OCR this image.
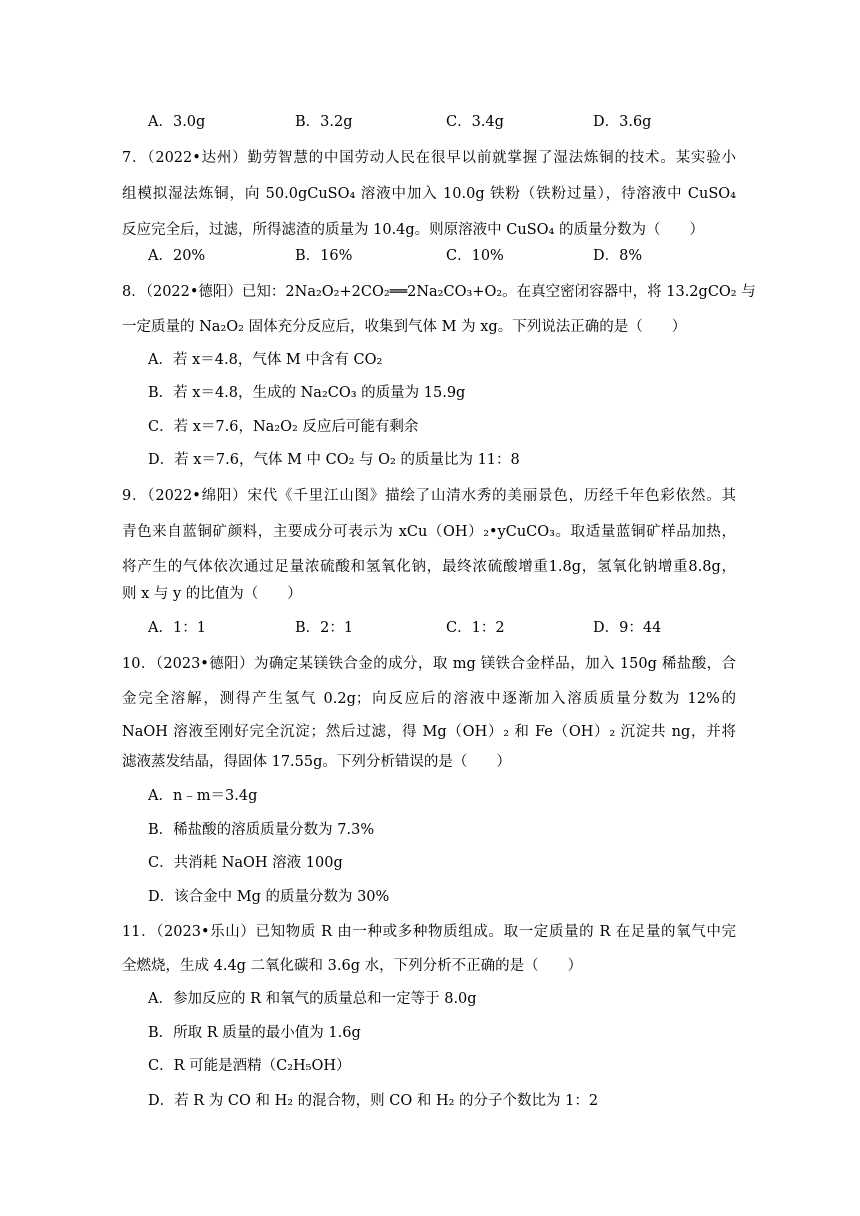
A．3.0g	B．3.2g	C．3.4g	D．3.6g
7．（2022•达州）勤劳智慧的中国劳动人民在很早以前就掌握了湿法炼铜的技术。某实验小
组模拟湿法炼铜，向 50.0gCuSO₄ 溶液中加入 10.0g 铁粉（铁粉过量），待溶液中 CuSO₄
反应完全后，过滤，所得滤渣的质量为 10.4g。则原溶液中 CuSO₄ 的质量分数为（　　）
A．20%	B．16%	C．10%	D．8%
8．（2022•德阳）已知：2Na₂O₂+2CO₂══2Na₂CO₃+O₂。在真空密闭容器中，将 13.2gCO₂ 与
一定质量的 Na₂O₂ 固体充分反应后，收集到气体 M 为 xg。下列说法正确的是（　　）
A．若 x＝4.8，气体 M 中含有 CO₂
B．若 x＝4.8，生成的 Na₂CO₃ 的质量为 15.9g
C．若 x＝7.6，Na₂O₂ 反应后可能有剩余
D．若 x＝7.6，气体 M 中 CO₂ 与 O₂ 的质量比为 11：8
9．（2022•绵阳）宋代《千里江山图》描绘了山清水秀的美丽景色，历经千年色彩依然。其
青色来自蓝铜矿颜料，主要成分可表示为 xCu（OH）₂•yCuCO₃。取适量蓝铜矿样品加热，
将产生的气体依次通过足量浓硫酸和氢氧化钠，最终浓硫酸增重1.8g，氢氧化钠增重8.8g，
则 x 与 y 的比值为（　　）
A．1：1	B．2：1	C．1：2	D．9：44
10．（2023•德阳）为确定某镁铁合金的成分，取 mg 镁铁合金样品，加入 150g 稀盐酸，合
金完全溶解，测得产生氢气 0.2g；向反应后的溶液中逐渐加入溶质质量分数为 12%的
NaOH 溶液至刚好完全沉淀；然后过滤，得 Mg（OH）₂ 和 Fe（OH）₂ 沉淀共 ng，并将
滤液蒸发结晶，得固体 17.55g。下列分析错误的是（　　）
A．n﹣m＝3.4g
B．稀盐酸的溶质质量分数为 7.3%
C．共消耗 NaOH 溶液 100g
D．该合金中 Mg 的质量分数为 30%
11．（2023•乐山）已知物质 R 由一种或多种物质组成。取一定质量的 R 在足量的氧气中完
全燃烧，生成 4.4g 二氧化碳和 3.6g 水，下列分析不正确的是（　　）
A．参加反应的 R 和氧气的质量总和一定等于 8.0g
B．所取 R 质量的最小值为 1.6g
C．R 可能是酒精（C₂H₅OH）
D．若 R 为 CO 和 H₂ 的混合物，则 CO 和 H₂ 的分子个数比为 1：2
